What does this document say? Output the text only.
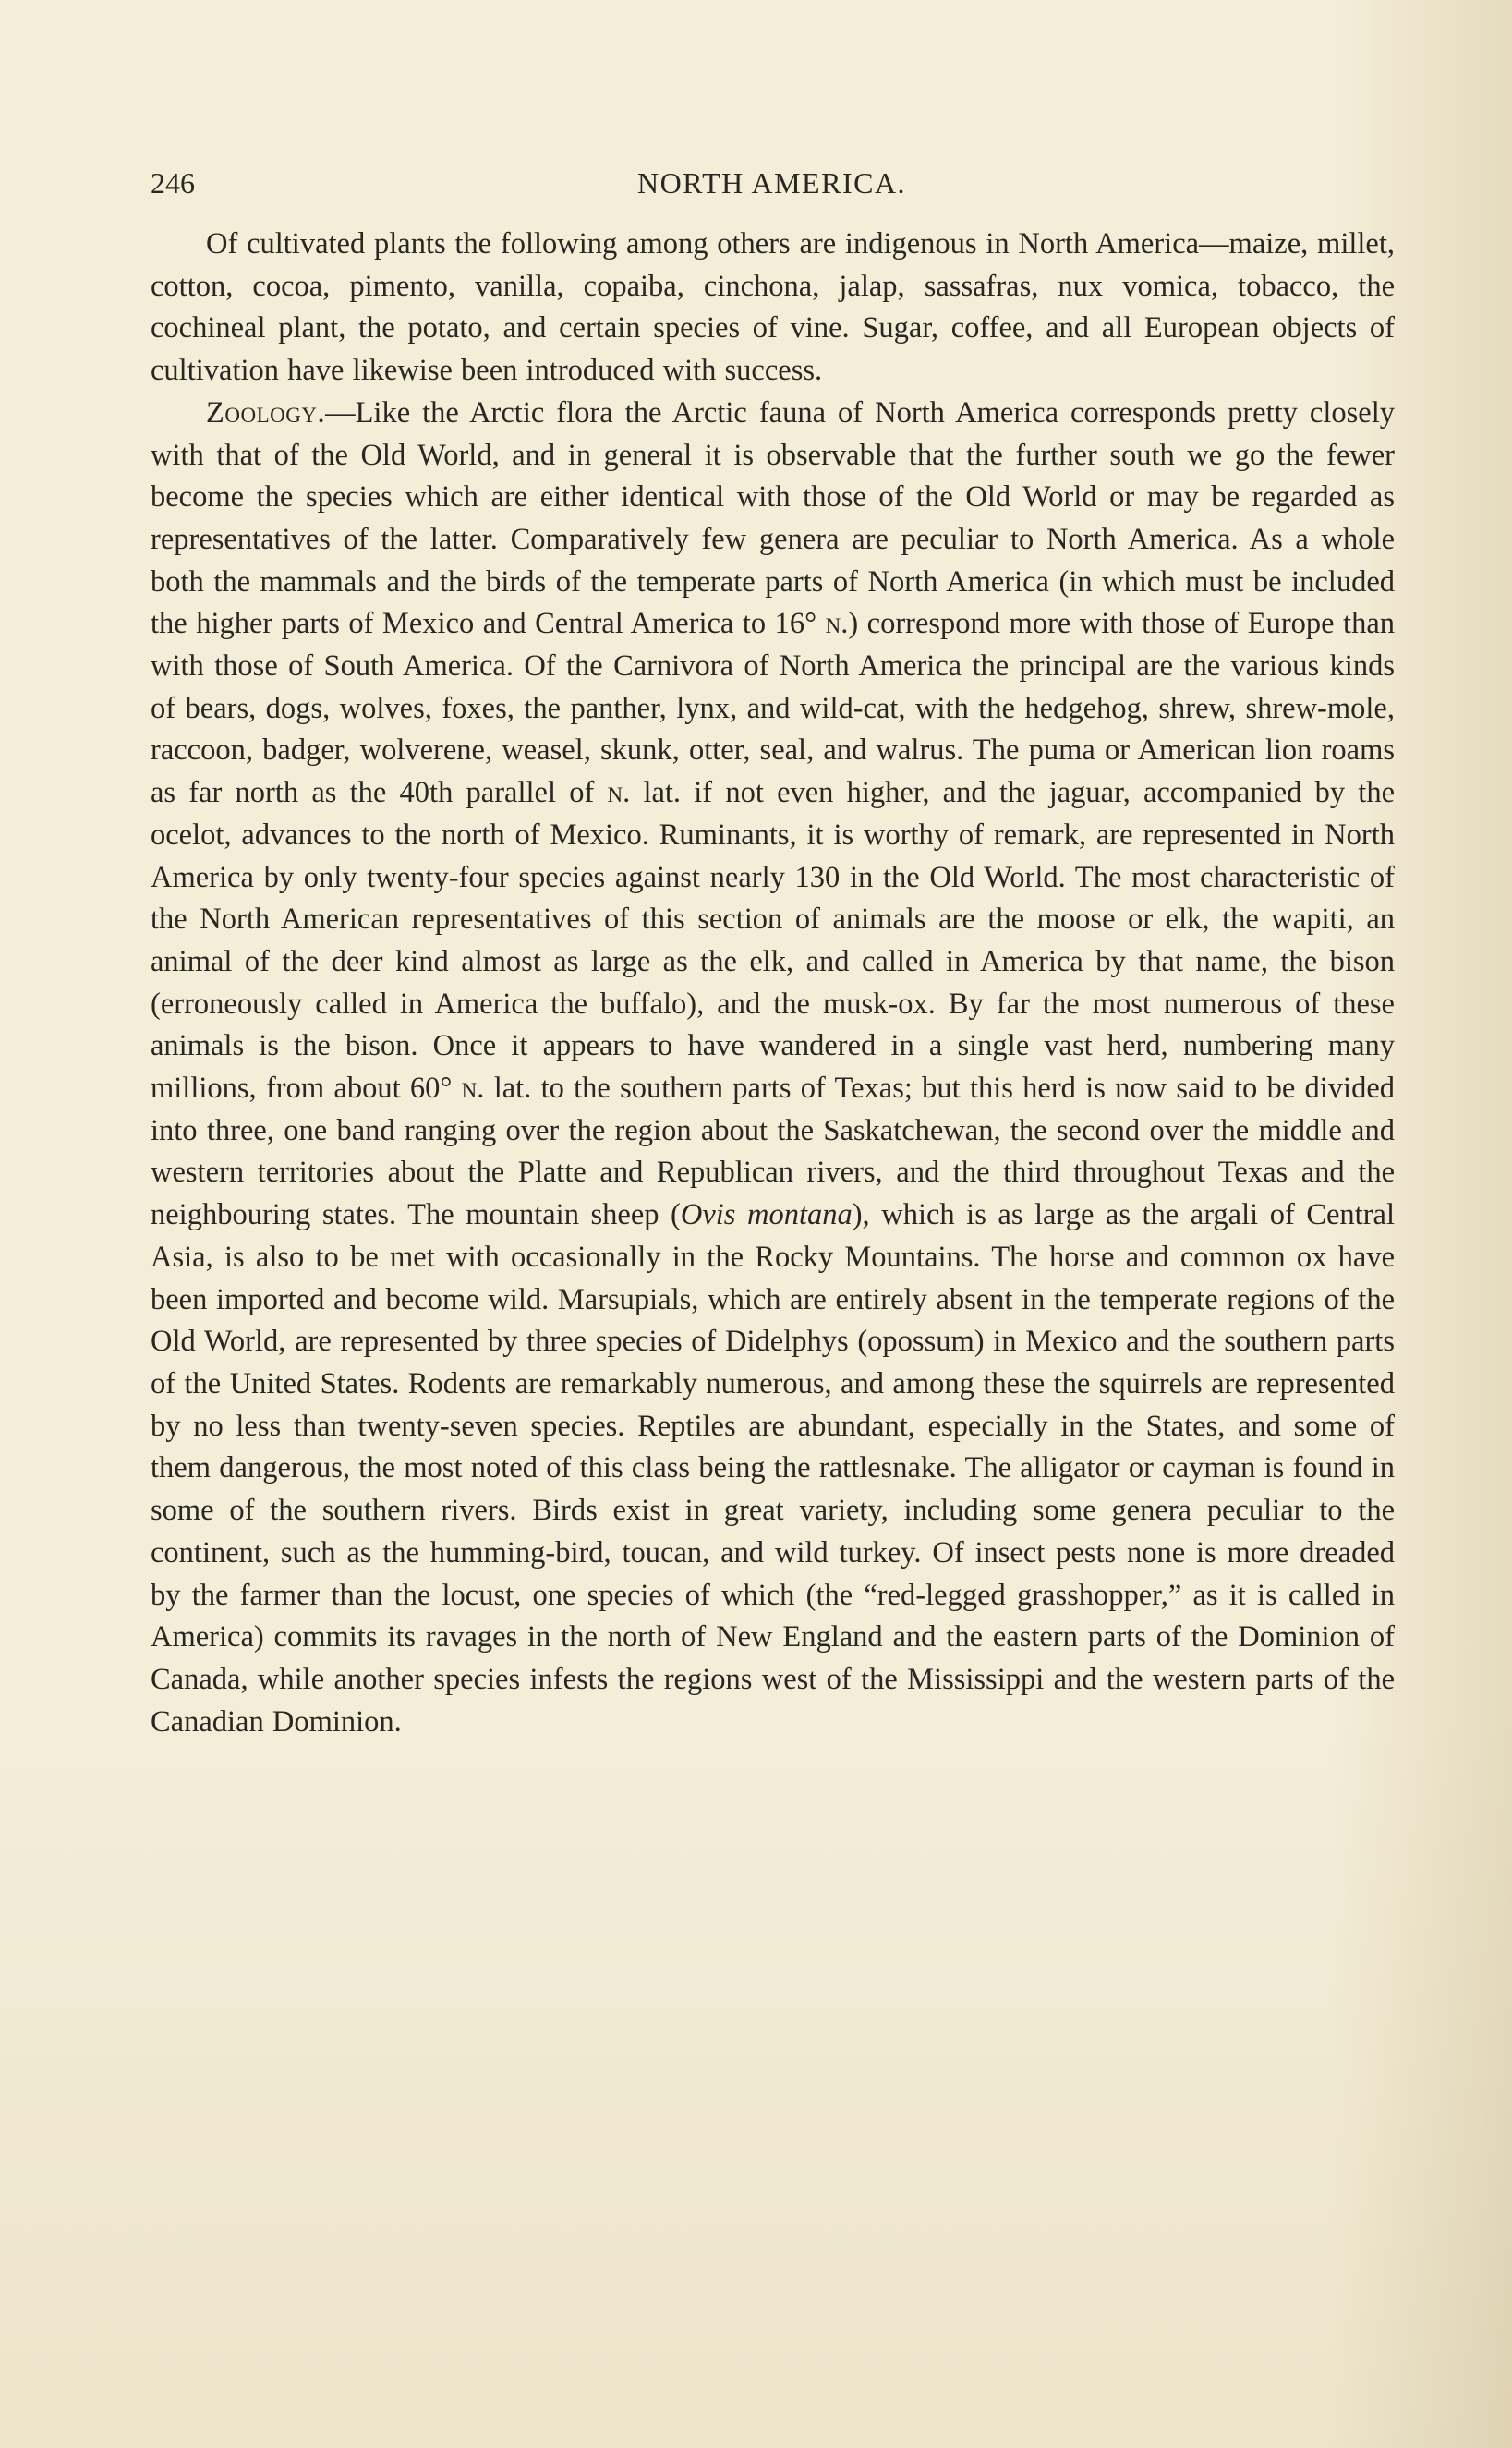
246	NORTH AMERICA.

Of cultivated plants the following among others are indigenous in North America—maize, millet, cotton, cocoa, pimento, vanilla, copaiba, cinchona, jalap, sassafras, nux vomica, tobacco, the cochineal plant, the potato, and certain species of vine. Sugar, coffee, and all European objects of cultivation have likewise been introduced with success.

Zoology.—Like the Arctic flora the Arctic fauna of North America corresponds pretty closely with that of the Old World, and in general it is observable that the further south we go the fewer become the species which are either identical with those of the Old World or may be regarded as representatives of the latter. Comparatively few genera are peculiar to North America. As a whole both the mammals and the birds of the temperate parts of North America (in which must be included the higher parts of Mexico and Central America to 16° n.) correspond more with those of Europe than with those of South America. Of the Carnivora of North America the principal are the various kinds of bears, dogs, wolves, foxes, the panther, lynx, and wild-cat, with the hedgehog, shrew, shrew-mole, raccoon, badger, wolverene, weasel, skunk, otter, seal, and walrus. The puma or American lion roams as far north as the 40th parallel of n. lat. if not even higher, and the jaguar, accompanied by the ocelot, advances to the north of Mexico. Ruminants, it is worthy of remark, are represented in North America by only twenty-four species against nearly 130 in the Old World. The most characteristic of the North American representatives of this section of animals are the moose or elk, the wapiti, an animal of the deer kind almost as large as the elk, and called in America by that name, the bison (erroneously called in America the buffalo), and the musk-ox. By far the most numerous of these animals is the bison. Once it appears to have wandered in a single vast herd, numbering many millions, from about 60° n. lat. to the southern parts of Texas; but this herd is now said to be divided into three, one band ranging over the region about the Saskatchewan, the second over the middle and western territories about the Platte and Republican rivers, and the third throughout Texas and the neighbouring states. The mountain sheep (Ovis montana), which is as large as the argali of Central Asia, is also to be met with occasionally in the Rocky Mountains. The horse and common ox have been imported and become wild. Marsupials, which are entirely absent in the temperate regions of the Old World, are represented by three species of Didelphys (opossum) in Mexico and the southern parts of the United States. Rodents are remarkably numerous, and among these the squirrels are represented by no less than twenty-seven species. Reptiles are abundant, especially in the States, and some of them dangerous, the most noted of this class being the rattlesnake. The alligator or cayman is found in some of the southern rivers. Birds exist in great variety, including some genera peculiar to the continent, such as the humming-bird, toucan, and wild turkey. Of insect pests none is more dreaded by the farmer than the locust, one species of which (the “red-legged grasshopper,” as it is called in America) commits its ravages in the north of New England and the eastern parts of the Dominion of Canada, while another species infests the regions west of the Mississippi and the western parts of the Canadian Dominion.
